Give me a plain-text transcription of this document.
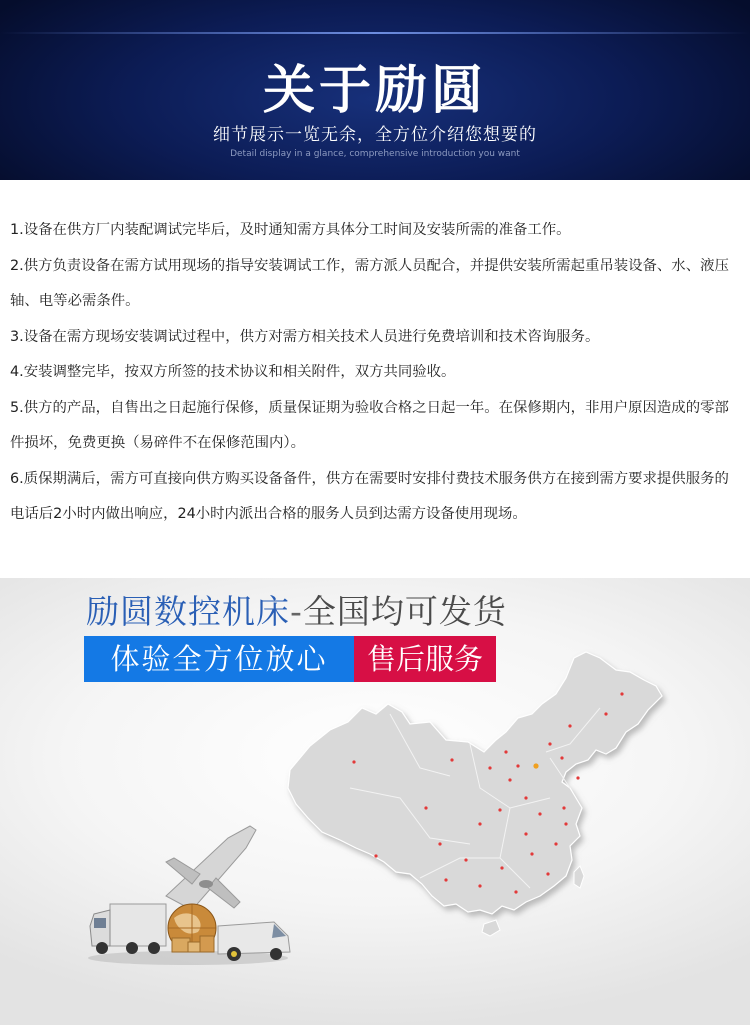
关于励圆
细节展示一览无余，全方位介绍您想要的
Detail display in a glance, comprehensive introduction you want

1.设备在供方厂内装配调试完毕后，及时通知需方具体分工时间及安装所需的准备工作。

2.供方负责设备在需方试用现场的指导安装调试工作，需方派人员配合，并提供安装所需起重吊装设备、水、液压轴、电等必需条件。

3.设备在需方现场安装调试过程中，供方对需方相关技术人员进行免费培训和技术咨询服务。

4.安装调整完毕，按双方所签的技术协议和相关附件，双方共同验收。

5.供方的产品，自售出之日起施行保修，质量保证期为验收合格之日起一年。在保修期内，非用户原因造成的零部件损坏，免费更换（易碎件不在保修范围内）。

6.质保期满后，需方可直接向供方购买设备备件，供方在需要时安排付费技术服务供方在接到需方要求提供服务的电话后2小时内做出响应，24小时内派出合格的服务人员到达需方设备使用现场。

励圆数控机床-全国均可发货
体验全方位放心	售后服务
